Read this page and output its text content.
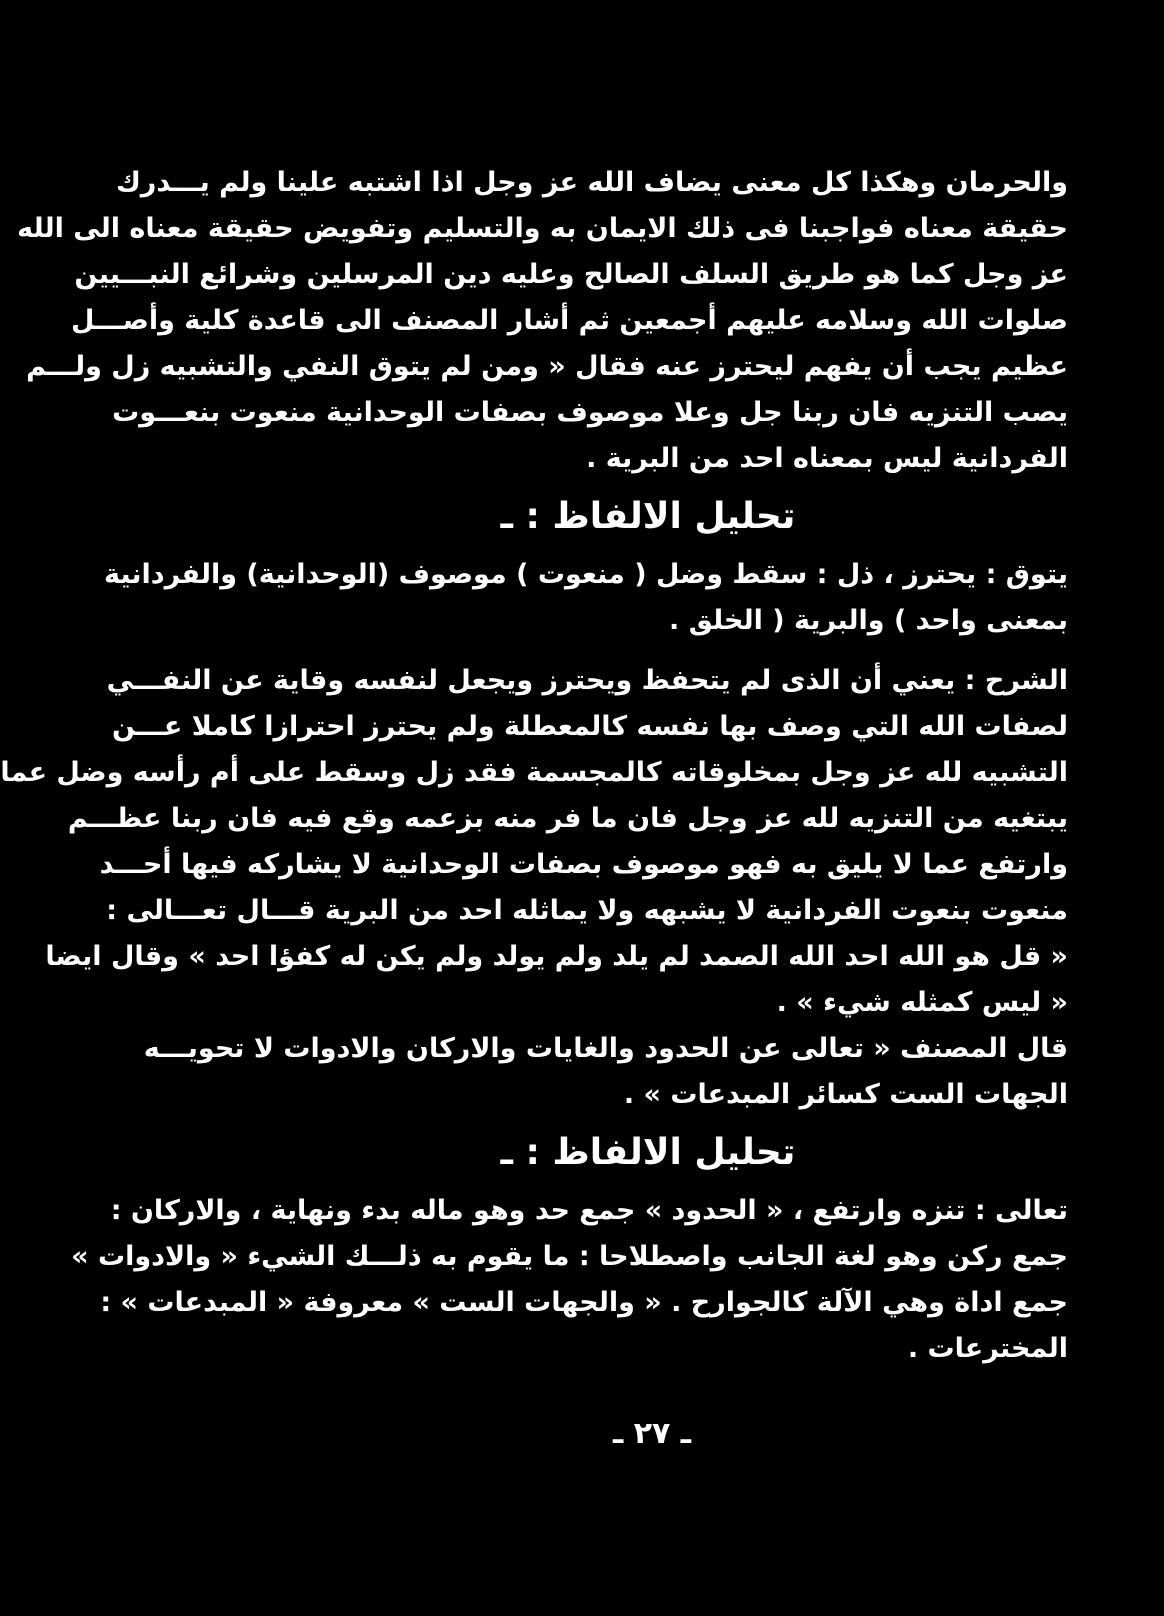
والحرمان وهكذا كل معنى يضاف الله عز وجل اذا اشتبه علينا ولم يـــدرك
حقيقة معناه فواجبنا فى ذلك الايمان به والتسليم وتفويض حقيقة معناه الى الله
عز وجل كما هو طريق السلف الصالح وعليه دين المرسلين وشرائع النبـــيين
صلوات الله وسلامه عليهم أجمعين ثم أشار المصنف الى قاعدة كلية وأصـــل
عظيم يجب أن يفهم ليحترز عنه فقال « ومن لم يتوق النفي والتشبيه زل ولـــم
يصب التنزيه فان ربنا جل وعلا موصوف بصفات الوحدانية منعوت بنعـــوت
الفردانية ليس بمعناه احد من البرية .
تحليل الالفاظ : ـ
يتوق : يحترز ، ذل : سقط وضل ( منعوت ) موصوف (الوحدانية) والفردانية
بمعنى واحد ) والبرية ( الخلق .
الشرح : يعني أن الذى لم يتحفظ ويحترز ويجعل لنفسه وقاية عن النفـــي
لصفات الله التي وصف بها نفسه كالمعطلة ولم يحترز احترازا كاملا عـــن
التشبيه لله عز وجل بمخلوقاته كالمجسمة فقد زل وسقط على أم رأسه وضل عما
يبتغيه من التنزيه لله عز وجل فان ما فر منه بزعمه وقع فيه فان ربنا عظـــم
وارتفع عما لا يليق به فهو موصوف بصفات الوحدانية لا يشاركه فيها أحـــد
منعوت بنعوت الفردانية لا يشبهه ولا يماثله احد من البرية قـــال تعـــالى :
« قل هو الله احد الله الصمد لم يلد ولم يولد ولم يكن له كفؤا احد » وقال ايضا
« ليس كمثله شيء » .
قال المصنف « تعالى عن الحدود والغايات والاركان والادوات لا تحويـــه
الجهات الست كسائر المبدعات » .
تحليل الالفاظ : ـ
تعالى : تنزه وارتفع ، « الحدود » جمع حد وهو ماله بدء ونهاية ، والاركان :
جمع ركن وهو لغة الجانب واصطلاحا : ما يقوم به ذلـــك الشيء « والادوات »
جمع اداة وهي الآلة كالجوارح . « والجهات الست » معروفة « المبدعات » :
المخترعات .
ـ ٢٧ ـ
